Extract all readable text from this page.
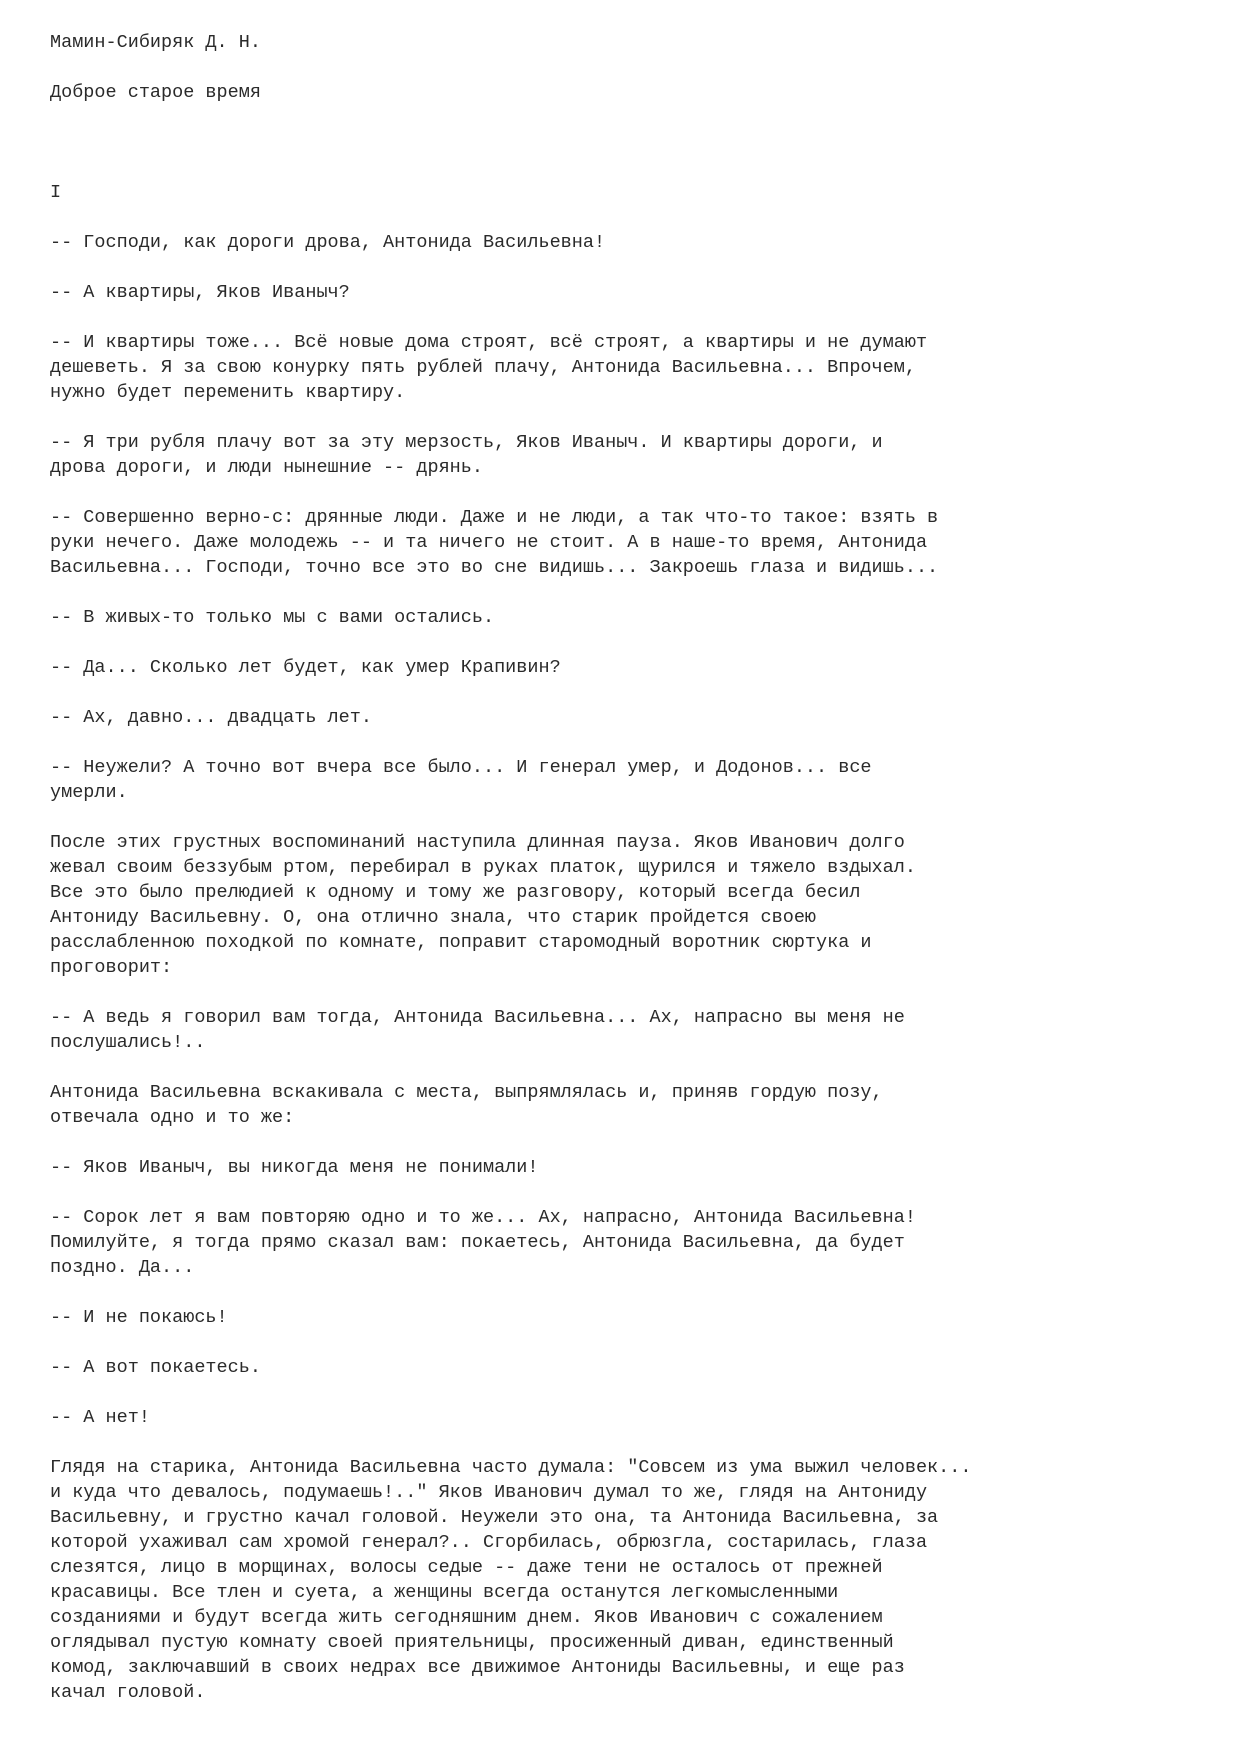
Мамин-Сибиряк Д. Н.
Доброе старое время
I
-- Господи, как дороги дрова, Антонида Васильевна!
-- А квартиры, Яков Иваныч?
-- И квартиры тоже... Всё новые дома строят, всё строят, а квартиры и не думают
дешеветь. Я за свою конурку пять рублей плачу, Антонида Васильевна... Впрочем,
нужно будет переменить квартиру.
-- Я три рубля плачу вот за эту мерзость, Яков Иваныч. И квартиры дороги, и
дрова дороги, и люди нынешние -- дрянь.
-- Совершенно верно-с: дрянные люди. Даже и не люди, а так что-то такое: взять в
руки нечего. Даже молодежь -- и та ничего не стоит. А в наше-то время, Антонида
Васильевна... Господи, точно все это во сне видишь... Закроешь глаза и видишь...
-- В живых-то только мы с вами остались.
-- Да... Сколько лет будет, как умер Крапивин?
-- Ах, давно... двадцать лет.
-- Неужели? А точно вот вчера все было... И генерал умер, и Додонов... все
умерли.
После этих грустных воспоминаний наступила длинная пауза. Яков Иванович долго
жевал своим беззубым ртом, перебирал в руках платок, щурился и тяжело вздыхал.
Все это было прелюдией к одному и тому же разговору, который всегда бесил
Антониду Васильевну. О, она отлично знала, что старик пройдется своею
расслабленною походкой по комнате, поправит старомодный воротник сюртука и
проговорит:
-- А ведь я говорил вам тогда, Антонида Васильевна... Ах, напрасно вы меня не
послушались!..
Антонида Васильевна вскакивала с места, выпрямлялась и, приняв гордую позу,
отвечала одно и то же:
-- Яков Иваныч, вы никогда меня не понимали!
-- Сорок лет я вам повторяю одно и то же... Ах, напрасно, Антонида Васильевна!
Помилуйте, я тогда прямо сказал вам: покаетесь, Антонида Васильевна, да будет
поздно. Да...
-- И не покаюсь!
-- А вот покаетесь.
-- А нет!
Глядя на старика, Антонида Васильевна часто думала: "Совсем из ума выжил человек...
и куда что девалось, подумаешь!.." Яков Иванович думал то же, глядя на Антониду
Васильевну, и грустно качал головой. Неужели это она, та Антонида Васильевна, за
которой ухаживал сам хромой генерал?.. Сгорбилась, обрюзгла, состарилась, глаза
слезятся, лицо в морщинах, волосы седые -- даже тени не осталось от прежней
красавицы. Все тлен и суета, а женщины всегда останутся легкомысленными
созданиями и будут всегда жить сегодняшним днем. Яков Иванович с сожалением
оглядывал пустую комнату своей приятельницы, просиженный диван, единственный
комод, заключавший в своих недрах все движимое Антониды Васильевны, и еще раз
качал головой.
